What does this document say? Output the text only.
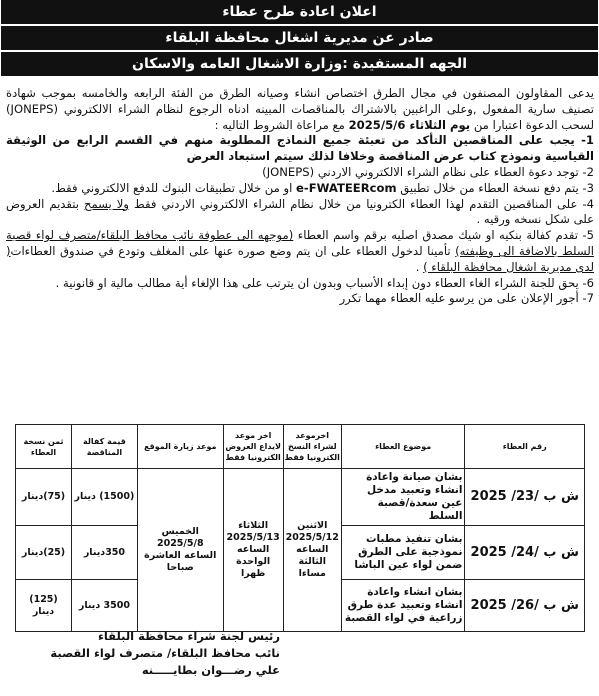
اعلان اعادة طرح عطاء
صادر عن مديرية اشغال محافظة البلقاء
الجهه المستفيدة :وزارة الاشغال العامه والاسكان

يدعى المقاولون المصنفون في مجال الطرق اختصاص انشاء وصيانه الطرق من الفئة الرابعه والخامسه بموجب شهادة تصنيف سارية المفعول ,وعلى الراغبين بالاشتراك بالمناقصات المبينه ادناه الرجوع لنظام الشراء الالكتروني (JONEPS) لسحب الدعوة اعتبارا من يوم الثلاثاء 2025/5/6 مع مراعاة الشروط التاليه :

1- يجب على المناقصين التأكد من تعبئة جميع النماذج المطلوبة منهم في القسم الرابع من الوثيقة القياسية ونموذج كتاب عرض المناقصة وخلافا لذلك سيتم استبعاد العرض

2- توجد دعوة العطاء على نظام الشراء الالكتروني الاردني (JONEPS)

3- يتم دفع نسخة العطاء من خلال تطبيق e-FWATEERcom او من خلال تطبيقات البنوك للدفع الالكتروني فقط.

4- على المناقصين التقدم لهذا العطاء الكترونيا من خلال نظام الشراء الالكتروني الاردني فقط ولا يسمح بتقديم العروض على شكل نسخه ورقيه .

5- تقدم كفالة بنكيه او شيك مصدق اصليه برقم واسم العطاء (موجهه الى عطوفة نائب محافظ البلقاء/متصرف لواء قصبة السلط بالاضافة الى وظيفته) تأمينا لدخول العطاء على ان يتم وضع صوره عنها على المغلف وتودع في صندوق العطاءات( لدى مديرية اشغال محافظة البلقاء ) .

6- يحق للجنة الشراء الغاء العطاء دون إبداء الأسباب وبدون ان يترتب على هذا الإلغاء أية مطالب مالية او قانونية .

7- أجور الإعلان على من يرسو عليه العطاء مهما تكرر

رقم العطاء	موضوع العطاء	اخرموعد لشراء النسخ الكترونيا فقط	اخر موعد لايداع العروض الكترونيا فقط	موعد زيارة الموقع	قيمة كفالة المناقصة	ثمن نسخة العطاء
ش ب /23/ 2025	بشان صيانة واعادة انشاء وتعبيد مدخل عين سعدة/قصبة السلط	الاثنين 2025/5/12 الساعه الثالثة مساءا	الثلاثاء 2025/5/13 الساعه الواحدة ظهرا	الخميس 2025/5/8 الساعه العاشرة صباحا	(1500) دينار	(75)دينار
ش ب /24/ 2025	بشان تنفيذ مطبات نموذجية على الطرق ضمن لواء عين الباشا				350دينار	(25)دينار
ش ب /26/ 2025	بشان انشاء واعادة انشاء وتعبيد عدة طرق زراعية في لواء القصبة				3500 دينار	(125) دينار
رئيس لجنة شراء محافظة البلقاء
نائب محافظ البلقاء/ متصرف لواء القصبة
علي رضـــوان بطايـــــنه
